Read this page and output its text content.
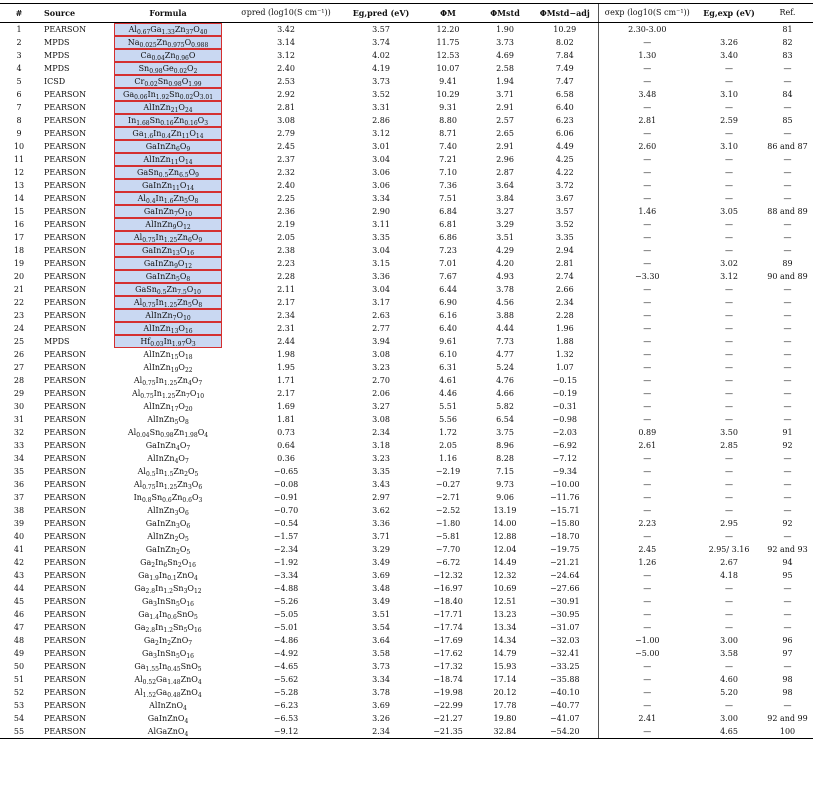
#	Source	Formula	σpred (log10(S cm⁻¹))	Eg,pred (eV)	ΦM	ΦMstd	ΦMstd−adj	σexp (log10(S cm⁻¹))	Eg,exp (eV)	Ref.
1	PEARSON	$Al_{0.67}Ga_{1.33}Zn_{37}O_{40}$	3.42	3.57	12.20	1.90	10.29	2.30-3.00		81
2	MPDS	$Na_{0.025}Zn_{0.975}O_{0.988}$	3.14	3.74	11.75	3.73	8.02	—	3.26	82
3	MPDS	$Ca_{0.04}Zn_{0.96}O$	3.12	4.02	12.53	4.69	7.84	1.30	3.40	83
4	MPDS	$Sn_{0.98}Ge_{0.02}O_2$	2.40	4.19	10.07	2.58	7.49	—	—	—
5	ICSD	$Cr_{0.02}Sn_{0.98}O_{1.99}$	2.53	3.73	9.41	1.94	7.47	—	—	—
6	PEARSON	$Ga_{0.06}In_{1.92}Sn_{0.02}O_{3.01}$	2.92	3.52	10.29	3.71	6.58	3.48	3.10	84
7	PEARSON	$AlInZn_{21}O_{24}$	2.81	3.31	9.31	2.91	6.40	—	—	—
8	PEARSON	$In_{1.68}Sn_{0.16}Zn_{0.16}O_3$	3.08	2.86	8.80	2.57	6.23	2.81	2.59	85
9	PEARSON	$Ga_{1.6}In_{0.4}Zn_{11}O_{14}$	2.79	3.12	8.71	2.65	6.06	—	—	—
10	PEARSON	$GaInZn_6O_9$	2.45	3.01	7.40	2.91	4.49	2.60	3.10	86 and 87
11	PEARSON	$AlInZn_{11}O_{14}$	2.37	3.04	7.21	2.96	4.25	—	—	—
12	PEARSON	$GaSn_{0.5}Zn_{6.5}O_9$	2.32	3.06	7.10	2.87	4.22	—	—	—
13	PEARSON	$GaInZn_{11}O_{14}$	2.40	3.06	7.36	3.64	3.72	—	—	—
14	PEARSON	$Al_{0.4}In_{1.6}Zn_5O_8$	2.25	3.34	7.51	3.84	3.67	—	—	—
15	PEARSON	$GaInZn_7O_{10}$	2.36	2.90	6.84	3.27	3.57	1.46	3.05	88 and 89
16	PEARSON	$AlInZn_9O_{12}$	2.19	3.11	6.81	3.29	3.52	—	—	—
17	PEARSON	$Al_{0.75}In_{1.25}Zn_6O_9$	2.05	3.35	6.86	3.51	3.35	—	—	—
18	PEARSON	$GaInZn_{13}O_{16}$	2.38	3.04	7.23	4.29	2.94	—	—	—
19	PEARSON	$GaInZn_9O_{12}$	2.23	3.15	7.01	4.20	2.81	—	3.02	89
20	PEARSON	$GaInZn_5O_8$	2.28	3.36	7.67	4.93	2.74	−3.30	3.12	90 and 89
21	PEARSON	$GaSn_{0.5}Zn_{7.5}O_{10}$	2.11	3.04	6.44	3.78	2.66	—	—	—
22	PEARSON	$Al_{0.75}In_{1.25}Zn_5O_8$	2.17	3.17	6.90	4.56	2.34	—	—	—
23	PEARSON	$AlInZn_7O_{10}$	2.34	2.63	6.16	3.88	2.28	—	—	—
24	PEARSON	$AlInZn_{13}O_{16}$	2.31	2.77	6.40	4.44	1.96	—	—	—
25	MPDS	$Hf_{0.03}In_{1.97}O_3$	2.44	3.94	9.61	7.73	1.88	—	—	—
26	PEARSON	$AlInZn_{15}O_{18}$	1.98	3.08	6.10	4.77	1.32	—	—	—
27	PEARSON	$AlInZn_{19}O_{22}$	1.95	3.23	6.31	5.24	1.07	—	—	—
28	PEARSON	$Al_{0.75}In_{1.25}Zn_4O_7$	1.71	2.70	4.61	4.76	−0.15	—	—	—
29	PEARSON	$Al_{0.75}In_{1.25}Zn_7O_{10}$	2.17	2.06	4.46	4.66	−0.19	—	—	—
30	PEARSON	$AlInZn_{17}O_{20}$	1.69	3.27	5.51	5.82	−0.31	—	—	—
31	PEARSON	$AlInZn_5O_8$	1.81	3.08	5.56	6.54	−0.98	—	—	—
32	PEARSON	$Al_{0.04}Sn_{0.98}Zn_{1.98}O_4$	0.73	2.34	1.72	3.75	−2.03	0.89	3.50	91
33	PEARSON	$GaInZn_4O_7$	0.64	3.18	2.05	8.96	−6.92	2.61	2.85	92
34	PEARSON	$AlInZn_4O_7$	0.36	3.23	1.16	8.28	−7.12	—	—	—
35	PEARSON	$Al_{0.5}In_{1.5}Zn_2O_5$	−0.65	3.35	−2.19	7.15	−9.34	—	—	—
36	PEARSON	$Al_{0.75}In_{1.25}Zn_3O_6$	−0.08	3.43	−0.27	9.73	−10.00	—	—	—
37	PEARSON	$In_{0.8}Sn_{0.6}Zn_{0.6}O_3$	−0.91	2.97	−2.71	9.06	−11.76	—	—	—
38	PEARSON	$AlInZn_3O_6$	−0.70	3.62	−2.52	13.19	−15.71	—	—	—
39	PEARSON	$GaInZn_3O_6$	−0.54	3.36	−1.80	14.00	−15.80	2.23	2.95	92
40	PEARSON	$AlInZn_2O_5$	−1.57	3.71	−5.81	12.88	−18.70	—	—	—
41	PEARSON	$GaInZn_2O_5$	−2.34	3.29	−7.70	12.04	−19.75	2.45	2.95/ 3.16	92 and 93
42	PEARSON	$Ga_2In_6Sn_2O_{16}$	−1.92	3.49	−6.72	14.49	−21.21	1.26	2.67	94
43	PEARSON	$Ga_{1.9}In_{0.1}ZnO_4$	−3.34	3.69	−12.32	12.32	−24.64	—	4.18	95
44	PEARSON	$Ga_{2.8}In_{1.2}Sn_3O_{12}$	−4.88	3.48	−16.97	10.69	−27.66	—	—	—
45	PEARSON	$Ga_3InSn_5O_{16}$	−5.26	3.49	−18.40	12.51	−30.91	—	—	—
46	PEARSON	$Ga_{1.4}In_{0.6}SnO_5$	−5.05	3.51	−17.71	13.23	−30.95	—	—	—
47	PEARSON	$Ga_{2.8}In_{1.2}Sn_5O_{16}$	−5.01	3.54	−17.74	13.34	−31.07	—	—	—
48	PEARSON	$Ga_2In_2ZnO_7$	−4.86	3.64	−17.69	14.34	−32.03	−1.00	3.00	96
49	PEARSON	$Ga_3InSn_5O_{16}$	−4.92	3.58	−17.62	14.79	−32.41	−5.00	3.58	97
50	PEARSON	$Ga_{1.55}In_{0.45}SnO_5$	−4.65	3.73	−17.32	15.93	−33.25	—	—	—
51	PEARSON	$Al_{0.52}Ga_{1.48}ZnO_4$	−5.62	3.34	−18.74	17.14	−35.88	—	4.60	98
52	PEARSON	$Al_{1.52}Ga_{0.48}ZnO_4$	−5.28	3.78	−19.98	20.12	−40.10	—	5.20	98
53	PEARSON	AlInZnO$_4$	−6.23	3.69	−22.99	17.78	−40.77	—	—	—
54	PEARSON	GaInZnO$_4$	−6.53	3.26	−21.27	19.80	−41.07	2.41	3.00	92 and 99
55	PEARSON	AlGaZnO$_4$	−9.12	2.34	−21.35	32.84	−54.20	—	4.65	100
